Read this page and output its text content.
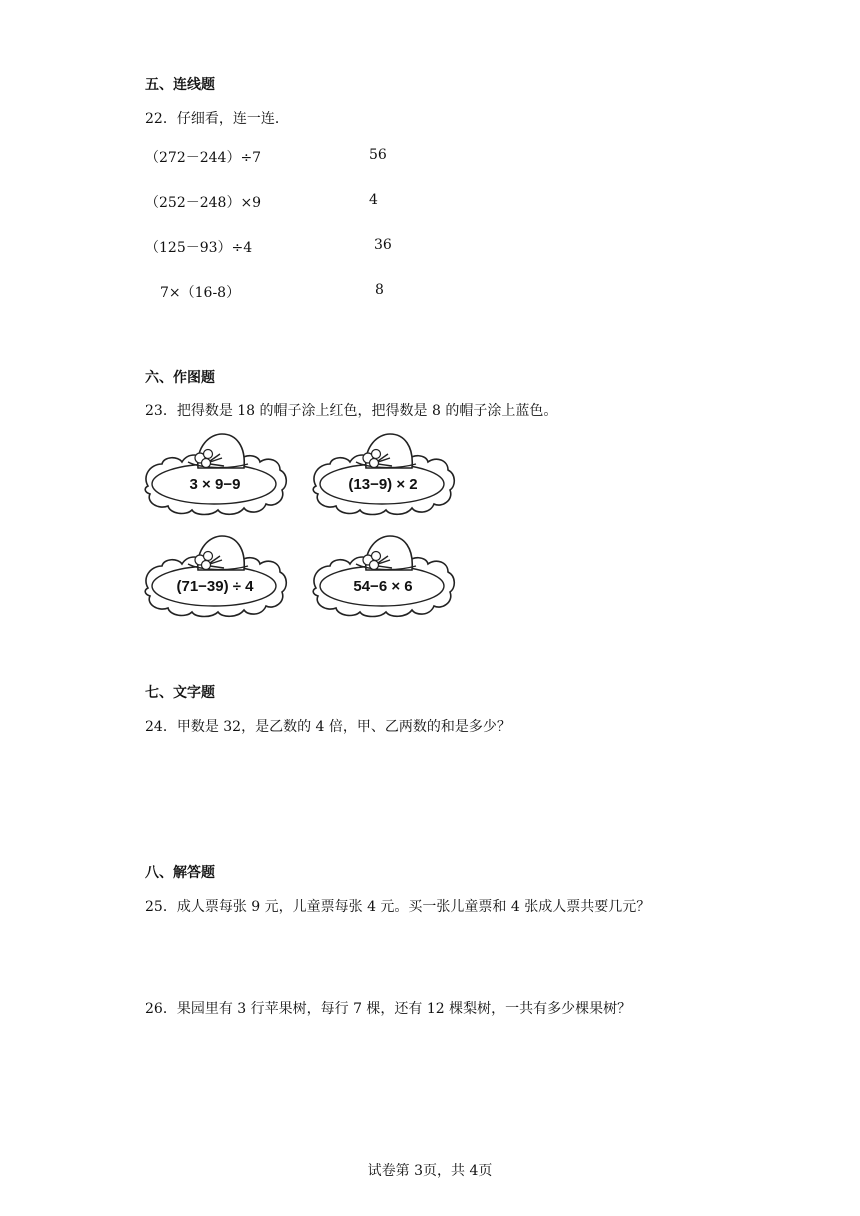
五、连线题
22．仔细看，连一连．
（272－244）÷7	56
（252－248）×9	4
（125－93）÷4	36
7×（16-8）	8
六、作图题
23．把得数是 18 的帽子涂上红色，把得数是 8 的帽子涂上蓝色。
3 × 9−9	(13−9) × 2
(71−39) ÷ 4	54−6 × 6
七、文字题
24．甲数是 32，是乙数的 4 倍，甲、乙两数的和是多少？
八、解答题
25．成人票每张 9 元，儿童票每张 4 元。买一张儿童票和 4 张成人票共要几元？
26．果园里有 3 行苹果树，每行 7 棵，还有 12 棵梨树，一共有多少棵果树？
试卷第 3页，共 4页
